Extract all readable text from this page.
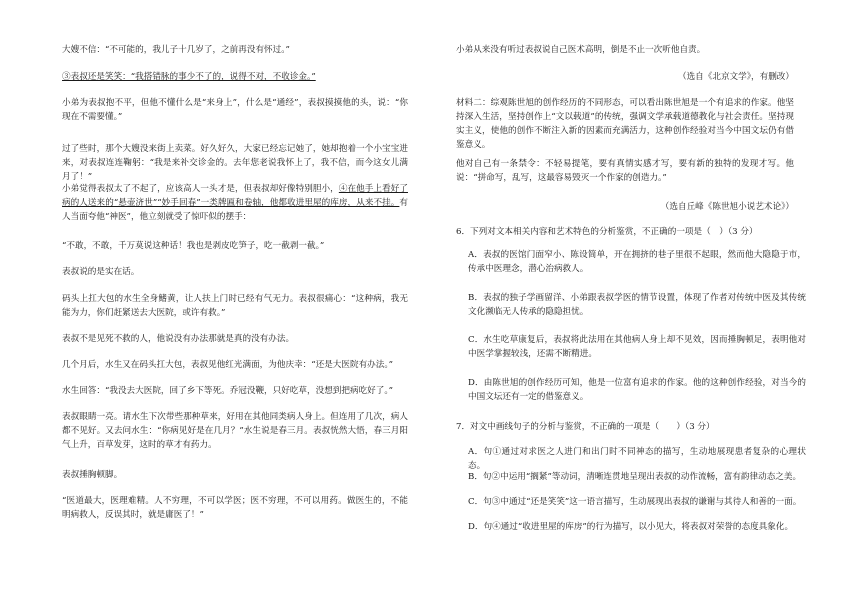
大嫂不信：“不可能的，我儿子十几岁了，之前再没有怀过。”
③表叔还是笑笑：“我搭错脉的事少不了的，说得不对，不收诊金。”
小弟为表叔抱不平，但他不懂什么是“来身上”，什么是“通经”，表叔摸摸他的头，说：“你现在不需要懂。”
过了些时，那个大嫂没来街上卖菜。好久好久，大家已经忘记她了，她却抱着一个小宝宝进来，对表叔连连鞠躬：“我是来补交诊金的。去年您老说我怀上了，我不信，而今这女儿满月了！”
小弟觉得表叔太了不起了，应该高人一头才是，但表叔却好像特别胆小，④在他手上看好了病的人送来的“悬壶济世”“妙手回春”一类牌匾和卷轴，他都收进里屋的库房，从来不挂。有人当面夸他“神医”，他立刻就受了惊吓似的摆手：
“不敢，不敢，千万莫说这种话！我也是剥皮吃笋子，吃一截剥一截。”
表叔说的是实在话。
码头上扛大包的水生全身鳍黄，让人扶上门时已经有气无力。表叔很痛心：“这种病，我无能为力，你们赶紧送去大医院，或许有救。”
表叔不是见死不救的人，他说没有办法那就是真的没有办法。
几个月后，水生又在码头扛大包，表叔见他红光满面，为他庆幸：“还是大医院有办法。”
水生回答：“我没去大医院，回了乡下等死。乔冠没鞭，只好吃草，没想到把病吃好了。”
表叔眼睛一亮。请水生下次带些那种草来，好用在其他同类病人身上。但连用了几次，病人都不见好。又去问水生：“你病见好是在几月？”水生说是春三月。表叔恍然大悟，春三月阳气上升，百草发芽，这时的草才有药力。
表叔捶胸顿脚。
“医道最大，医理难精。人不穷理，不可以学医；医不穷理，不可以用药。做医生的，不能明病救人，反误其时，就是庸医了！”
小弟从来没有听过表叔说自己医术高明，倒是不止一次听他自责。
（选自《北京文学》，有删改）
材料二：综观陈世旭的创作经历的不同形态，可以看出陈世旭是一个有追求的作家。他坚持深入生活，坚持创作上“文以载道”的传统，强调文学承载道德教化与社会责任。坚持现实主义，使他的创作不断注入新的因素而充满活力，这种创作经验对当今中国文坛仍有借鉴意义。
他对自己有一条禁令：不轻易提笔，要有真情实感才写，要有新的独特的发现才写。他说：“拼命写，乱写，这最容易毁灭一个作家的创造力。”
（选自丘峰《陈世旭小说艺术论》）
6．下列对文本相关内容和艺术特色的分析鉴赏，不正确的一项是（　）（3 分）
A．表叔的医馆门面窄小、陈设简单，开在拥挤的巷子里很不起眼，然而他大隐隐于市，传承中医理念，潜心治病救人。
B．表叔的独子学画留洋、小弟跟表叔学医的情节设置，体现了作者对传统中医及其传统文化濒临无人传承的隐隐担忧。
C．水生吃草康复后，表叔将此法用在其他病人身上却不见效，因而捶胸顿足，表明他对中医学掌握较浅，还需不断精进。
D．由陈世旭的创作经历可知，他是一位富有追求的作家。他的这种创作经验，对当今的中国文坛还有一定的借鉴意义。
7．对文中画线句子的分析与鉴赏，不正确的一项是（　　）（3 分）
A．句①通过对求医之人进门和出门时不同神态的描写，生动地展现患者复杂的心理状态。
B．句②中运用“搁紧”等动词，清晰连贯地呈现出表叔的动作流畅，富有韵律动态之美。
C．句③中通过“还是笑笑”这一语言描写，生动展现出表叔的谦谢与其待人和善的一面。
D．句④通过“收进里屋的库房”的行为描写，以小见大，将表叔对荣誉的态度具象化。
